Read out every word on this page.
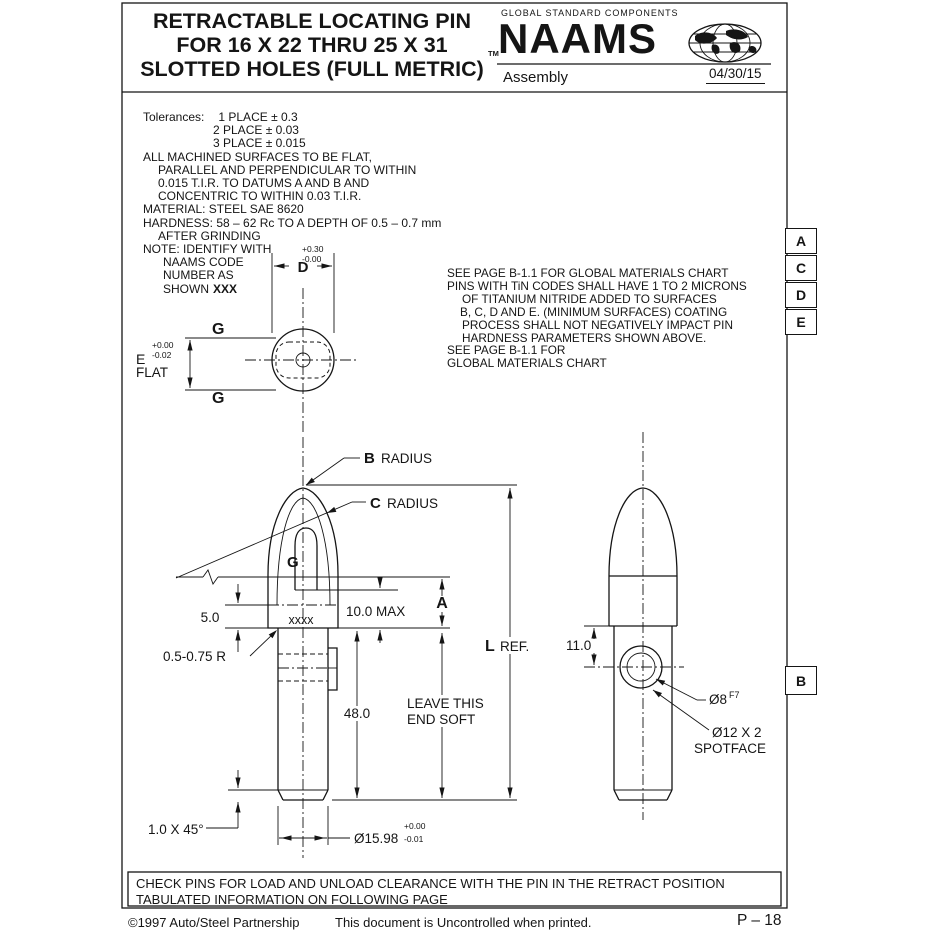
D
+0.30
-0.00
G
G
E
+0.00
-0.02
FLAT
48.0
LEAVE THIS
END SOFT
L REF.
5.0	xxxx
10.0 MAX A
B RADIUS
C RADIUS
G
0.5-0.75 R
1.0 X 45°
Ø15.98
+0.00
-0.01
11.0
Ø8 F7
Ø12 X 2
SPOTFACE
RETRACTABLE LOCATING PIN
FOR 16 X 22 THRU 25 X 31
SLOTTED HOLES (FULL METRIC)
TM
GLOBAL STANDARD COMPONENTS
NAAMS
Assembly	04/30/15
Tolerances: 1 PLACE ± 0.3
2 PLACE ± 0.03
3 PLACE ± 0.015
ALL MACHINED SURFACES TO BE FLAT,
PARALLEL AND PERPENDICULAR TO WITHIN
0.015 T.I.R. TO DATUMS A AND B AND
CONCENTRIC TO WITHIN 0.03 T.I.R.
MATERIAL: STEEL SAE 8620
HARDNESS: 58 – 62 Rc TO A DEPTH OF 0.5 – 0.7 mm
AFTER GRINDING
NOTE: IDENTIFY WITH
NAAMS CODE
NUMBER AS
SHOWN XXX
SEE PAGE B-1.1 FOR GLOBAL MATERIALS CHART
PINS WITH TiN CODES SHALL HAVE 1 TO 2 MICRONS
OF TITANIUM NITRIDE ADDED TO SURFACES
B, C, D AND E. (MINIMUM SURFACES) COATING
PROCESS SHALL NOT NEGATIVELY IMPACT PIN
HARDNESS PARAMETERS SHOWN ABOVE.
SEE PAGE B-1.1 FOR
GLOBAL MATERIALS CHART
A
C
D
E
B
CHECK PINS FOR LOAD AND UNLOAD CLEARANCE WITH THE PIN IN THE RETRACT POSITION
TABULATED INFORMATION ON FOLLOWING PAGE
©1997 Auto/Steel Partnership	This document is Uncontrolled when printed.	P – 18
